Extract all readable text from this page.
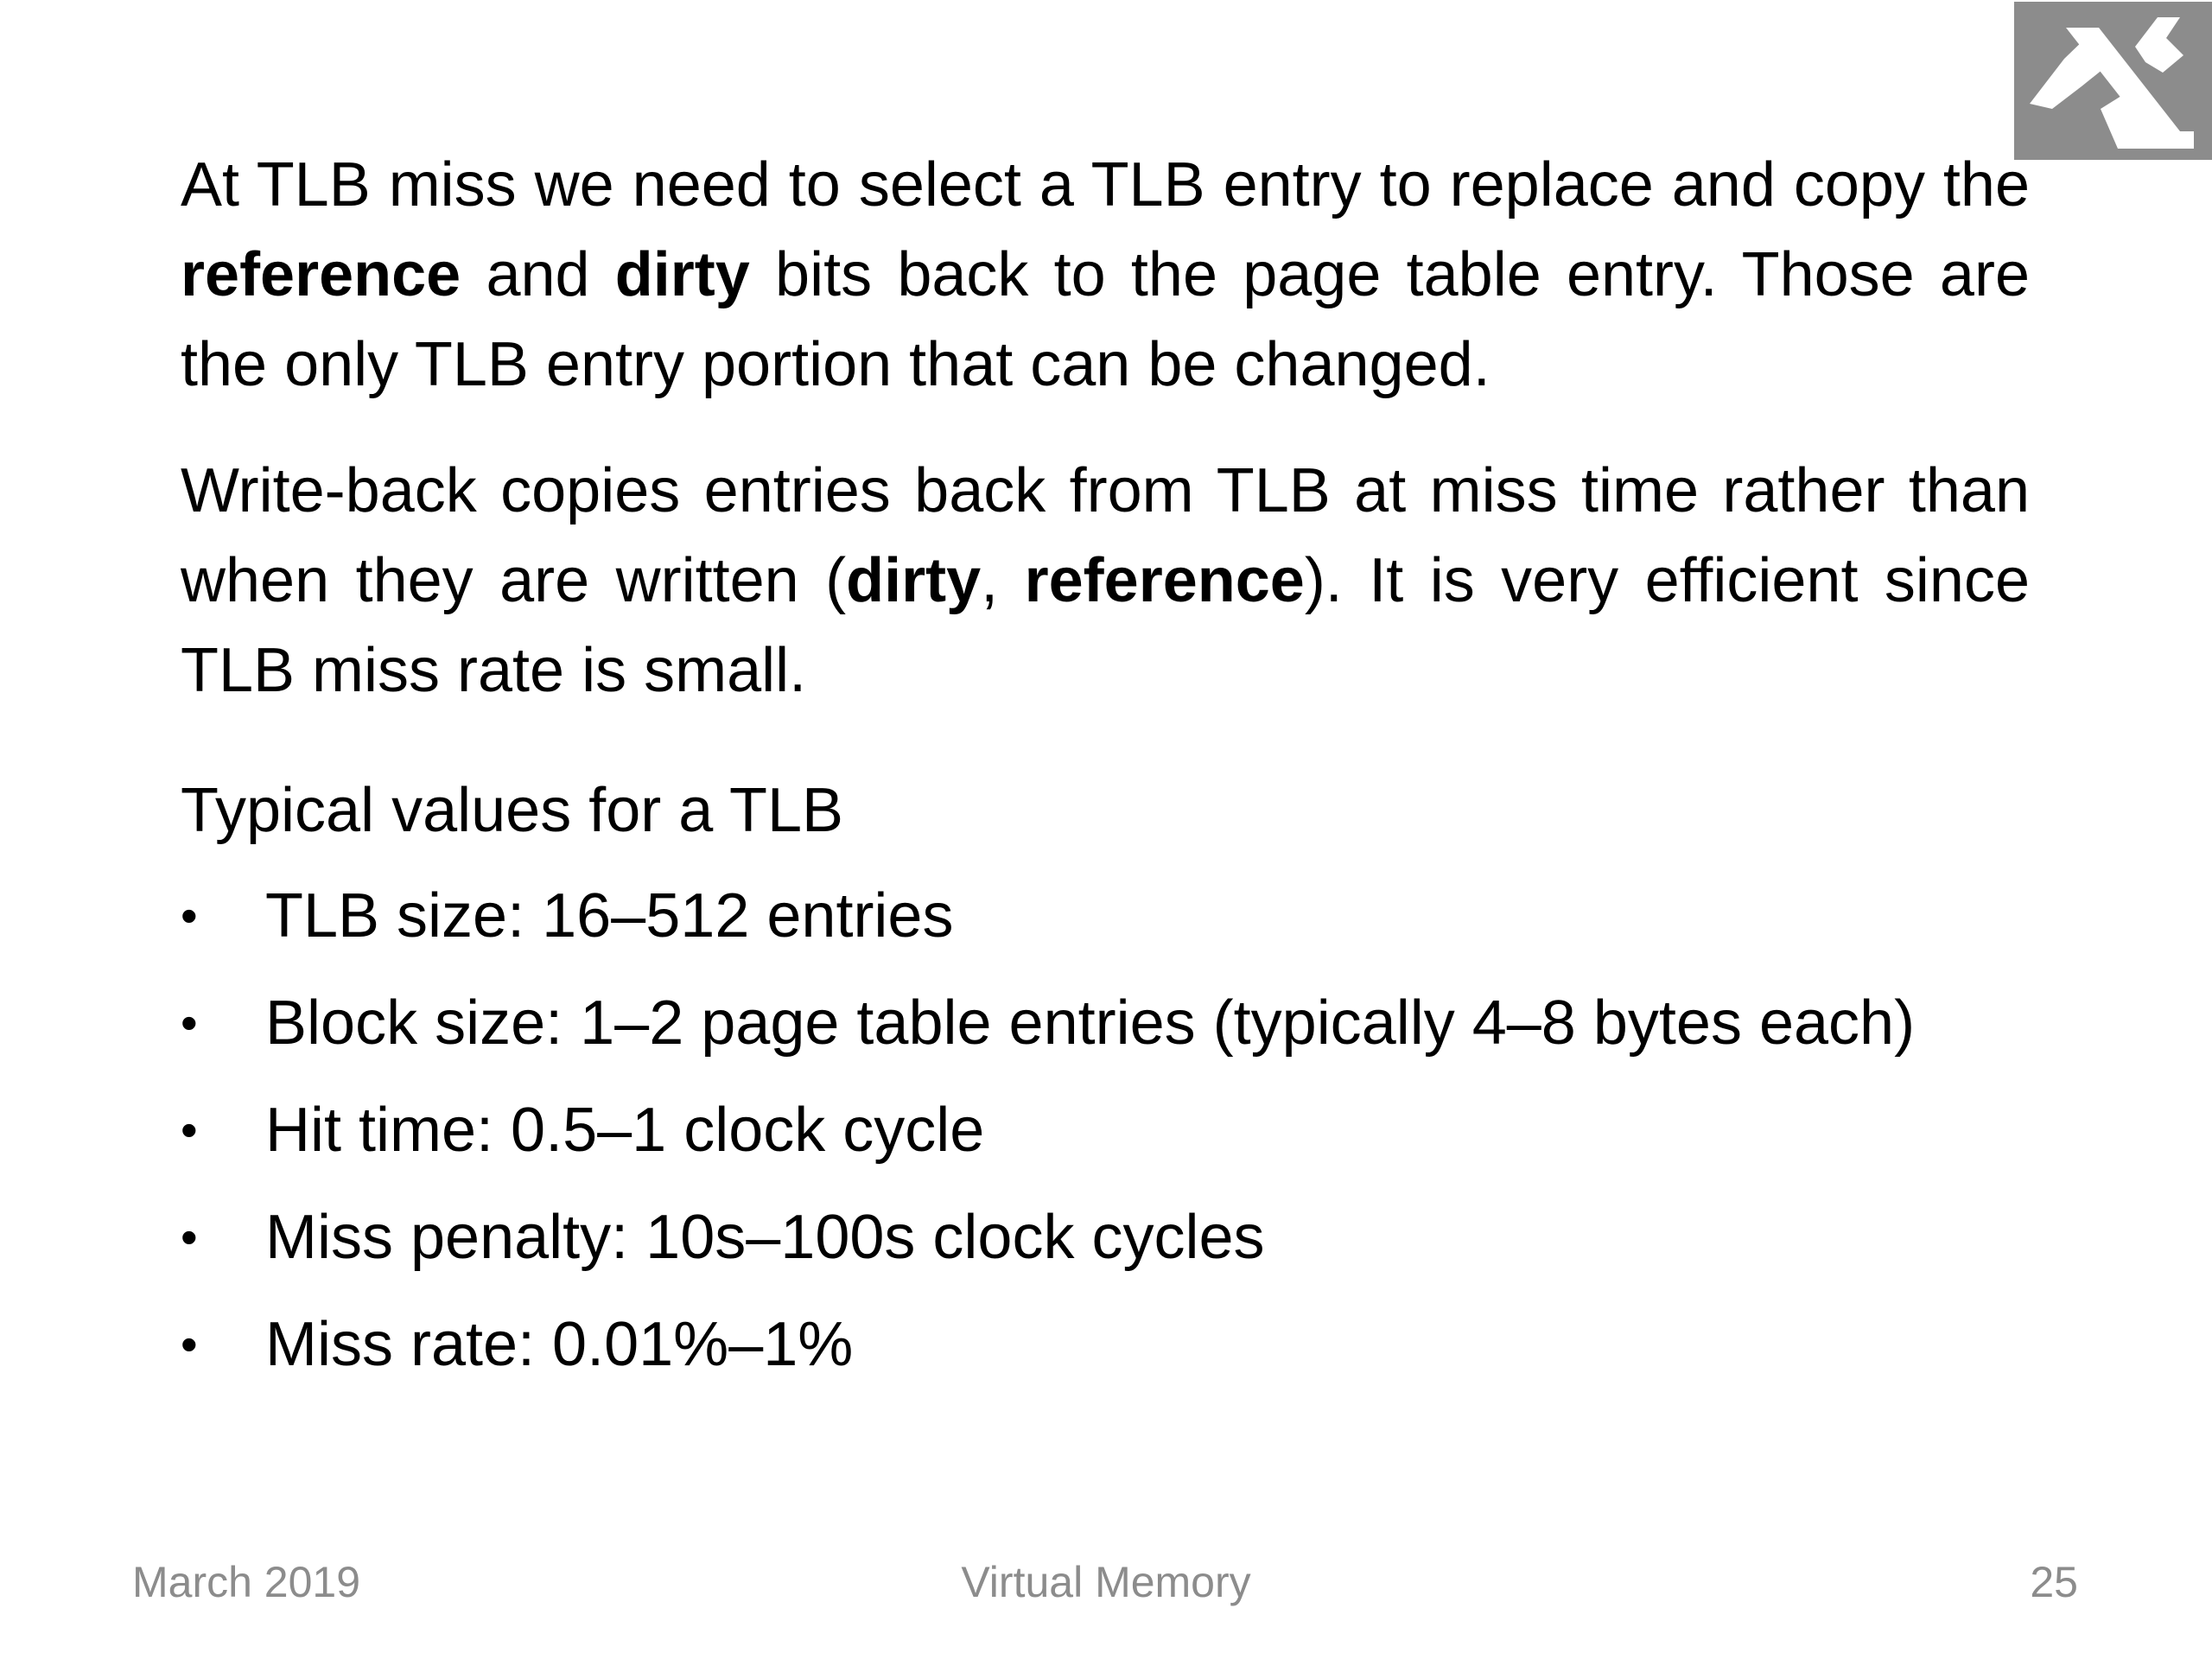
At TLB miss we need to select a TLB entry to replace and copy the reference and dirty bits back to the page table entry. Those are the only TLB entry portion that can be changed.

Write-back copies entries back from TLB at miss time rather than when they are written (dirty, reference). It is very efficient since TLB miss rate is small.

Typical values for a TLB

• TLB size: 16–512 entries
• Block size: 1–2 page table entries (typically 4–8 bytes each)
• Hit time: 0.5–1 clock cycle
• Miss penalty: 10s–100s clock cycles
• Miss rate: 0.01%–1%
Virtual Memory
March 2019	25
